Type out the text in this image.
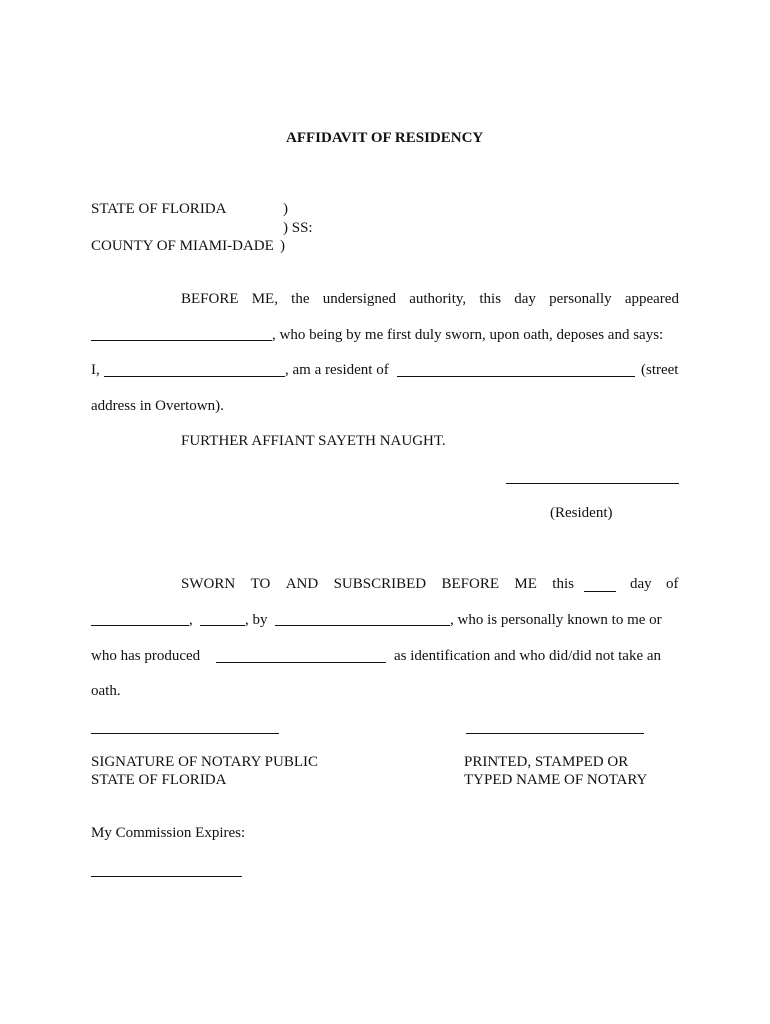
AFFIDAVIT OF RESIDENCY
STATE OF FLORIDA	)
) SS:
COUNTY OF MIAMI-DADE )
BEFORE ME, the undersigned authority, this day personally appeared
, who being by me first duly sworn, upon oath, deposes and says:
I,	, am a resident of	(street
address in Overtown).
FURTHER AFFIANT SAYETH NAUGHT.
(Resident)
SWORN TO AND SUBSCRIBED BEFORE ME this	day of
,	, by	, who is personally known to me or
who has produced	as identification and who did/did not take an
oath.
SIGNATURE OF NOTARY PUBLIC
STATE OF FLORIDA
PRINTED, STAMPED OR
TYPED NAME OF NOTARY
My Commission Expires:
